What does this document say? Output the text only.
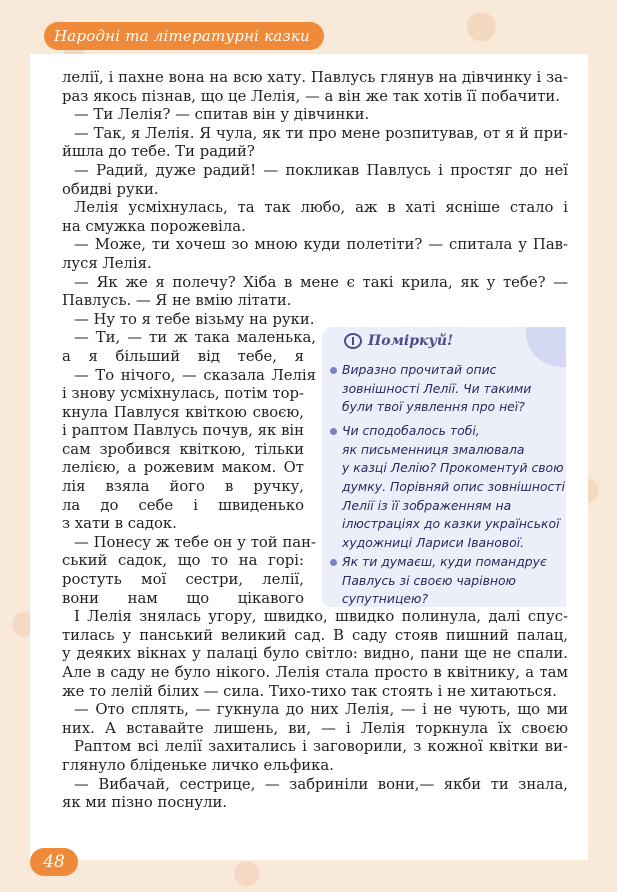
Народні та літературні казки
лелії, і пахне вона на всю хату. Павлусь глянув на дівчинку і за-
раз якось пізнав, що це Лелія, — а він же так хотів її побачити.
— Ти Лелія? — спитав він у дівчинки.
— Так, я Лелія. Я чула, як ти про мене розпитував, от я й при-
йшла до тебе. Ти радий?
— Радий, дуже радий! — покликав Павлусь і простяг до неї
обидві руки.
Лелія усміхнулась, та так любо, аж в хаті ясніше стало і
на смужка порожевіла.
— Може, ти хочеш зо мною куди полетіти? — спитала у Пав-
луся Лелія.
— Як же я полечу? Хіба в мене є такі крила, як у тебе? —
Павлусь. — Я не вмію літати.
— Ну то я тебе візьму на руки.
— Ти, — ти ж така маленька,
а я більший від тебе, я
— То нічого, — сказала Лелія
і знову усміхнулась, потім тор-
кнула Павлуся квіткою своєю,
і раптом Павлусь почув, як він
сам зробився квіткою, тільки
лелією, а рожевим маком. От
лія взяла його в ручку,
ла до себе і швиденько
з хати в садок.
— Понесу ж тебе он у той пан-
ський садок, що то на горі:
ростуть мої сестри, лелії,
вони нам що цікавого
І Лелія знялась угору, швидко, швидко полинула, далі спус-
тилась у панський великий сад. В саду стояв пишний палац,
у деяких вікнах у палаці було світло: видно, пани ще не спали.
Але в саду не було нікого. Лелія стала просто в квітнику, а там
же то лелій білих — сила. Тихо-тихо так стоять і не хитаються.
— Ото сплять, — гукнула до них Лелія, — і не чують, що ми
них. А вставайте лишень, ви, — і Лелія торкнула їх своєю
Раптом всі лелії захитались і заговорили, з кожної квітки ви-
глянуло бліденьке личко ельфика.
— Вибачай, сестрице, — забриніли вони,— якби ти знала,
як ми пізно поснули.
Поміркуй!
Виразно прочитай опис
зовнішності Лелії. Чи такими
були твої уявлення про неї?
Чи сподобалось тобі,
як письменниця змалювала
у казці Лелію? Прокоментуй свою
думку. Порівняй опис зовнішності
Лелії із її зображенням на
ілюстраціях до казки української
художниці Лариси Іванової.
Як ти думаєш, куди помандрує
Павлусь зі своєю чарівною
супутницею?
48
